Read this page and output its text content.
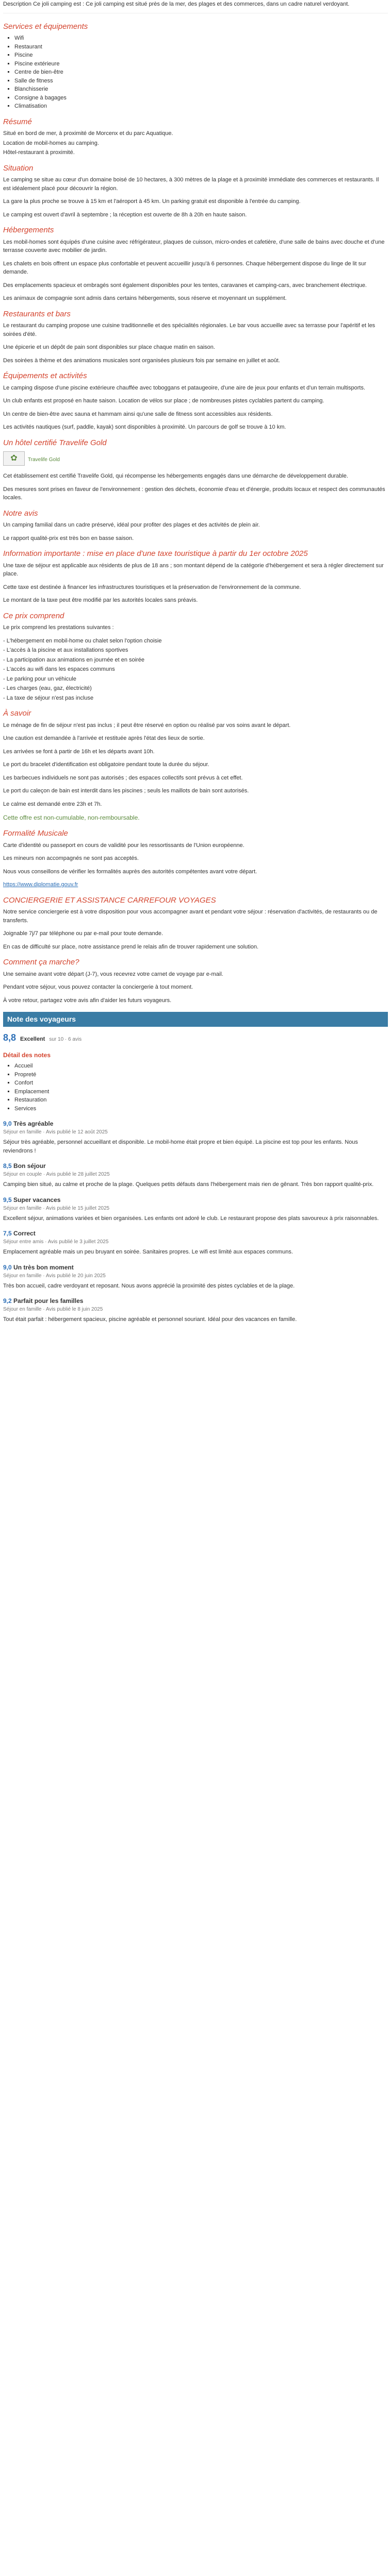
Description Ce joli camping est : Ce joli camping est situé près de la mer, des plages et des commerces, dans un cadre naturel verdoyant.

Services et équipements
▪ Wifi
▪ Restaurant
▪ Piscine
▪ Piscine extérieure
▪ Centre de bien-être
▪ Salle de fitness
▪ Blanchisserie
▪ Consigne à bagages
▪ Climatisation
Résumé
Situé en bord de mer, à proximité de Morcenx et du parc Aquatique.
Location de mobil-homes au camping.
Hôtel-restaurant à proximité.
Situation

Le camping se situe au cœur d'un domaine boisé de 10 hectares, à 300 mètres de la plage et à proximité immédiate des commerces et restaurants. Il est idéalement placé pour découvrir la région.

La gare la plus proche se trouve à 15 km et l'aéroport à 45 km. Un parking gratuit est disponible à l'entrée du camping.

Le camping est ouvert d'avril à septembre ; la réception est ouverte de 8h à 20h en haute saison.

Hébergements

Les mobil-homes sont équipés d'une cuisine avec réfrigérateur, plaques de cuisson, micro-ondes et cafetière, d'une salle de bains avec douche et d'une terrasse couverte avec mobilier de jardin.

Les chalets en bois offrent un espace plus confortable et peuvent accueillir jusqu'à 6 personnes. Chaque hébergement dispose du linge de lit sur demande.

Des emplacements spacieux et ombragés sont également disponibles pour les tentes, caravanes et camping-cars, avec branchement électrique.

Les animaux de compagnie sont admis dans certains hébergements, sous réserve et moyennant un supplément.

Restaurants et bars

Le restaurant du camping propose une cuisine traditionnelle et des spécialités régionales. Le bar vous accueille avec sa terrasse pour l'apéritif et les soirées d'été.

Une épicerie et un dépôt de pain sont disponibles sur place chaque matin en saison.

Des soirées à thème et des animations musicales sont organisées plusieurs fois par semaine en juillet et août.

Équipements et activités

Le camping dispose d'une piscine extérieure chauffée avec toboggans et pataugeoire, d'une aire de jeux pour enfants et d'un terrain multisports.

Un club enfants est proposé en haute saison. Location de vélos sur place ; de nombreuses pistes cyclables partent du camping.

Un centre de bien-être avec sauna et hammam ainsi qu'une salle de fitness sont accessibles aux résidents.

Les activités nautiques (surf, paddle, kayak) sont disponibles à proximité. Un parcours de golf se trouve à 10 km.

Un hôtel certifié Travelife Gold
✿	Travelife Gold

Cet établissement est certifié Travelife Gold, qui récompense les hébergements engagés dans une démarche de développement durable.

Des mesures sont prises en faveur de l'environnement : gestion des déchets, économie d'eau et d'énergie, produits locaux et respect des communautés locales.

Notre avis

Un camping familial dans un cadre préservé, idéal pour profiter des plages et des activités de plein air.

Le rapport qualité-prix est très bon en basse saison.

Information importante : mise en place d'une taxe touristique à partir du 1er octobre 2025

Une taxe de séjour est applicable aux résidents de plus de 18 ans ; son montant dépend de la catégorie d'hébergement et sera à régler directement sur place.

Cette taxe est destinée à financer les infrastructures touristiques et la préservation de l'environnement de la commune.

Le montant de la taxe peut être modifié par les autorités locales sans préavis.

Ce prix comprend

Le prix comprend les prestations suivantes :

- L'hébergement en mobil-home ou chalet selon l'option choisie
- L'accès à la piscine et aux installations sportives
- La participation aux animations en journée et en soirée
- L'accès au wifi dans les espaces communs
- Le parking pour un véhicule
- Les charges (eau, gaz, électricité)
- La taxe de séjour n'est pas incluse
À savoir

Le ménage de fin de séjour n'est pas inclus ; il peut être réservé en option ou réalisé par vos soins avant le départ.

Une caution est demandée à l'arrivée et restituée après l'état des lieux de sortie.

Les arrivées se font à partir de 16h et les départs avant 10h.

Le port du bracelet d'identification est obligatoire pendant toute la durée du séjour.

Les barbecues individuels ne sont pas autorisés ; des espaces collectifs sont prévus à cet effet.

Le port du caleçon de bain est interdit dans les piscines ; seuls les maillots de bain sont autorisés.

Le calme est demandé entre 23h et 7h.

Cette offre est non-cumulable, non-remboursable.

Formalité Musicale

Carte d'identité ou passeport en cours de validité pour les ressortissants de l'Union européenne.

Les mineurs non accompagnés ne sont pas acceptés.

Nous vous conseillons de vérifier les formalités auprès des autorités compétentes avant votre départ.

https://www.diplomatie.gouv.fr

CONCIERGERIE ET ASSISTANCE CARREFOUR VOYAGES

Notre service conciergerie est à votre disposition pour vous accompagner avant et pendant votre séjour : réservation d'activités, de restaurants ou de transferts.

Joignable 7j/7 par téléphone ou par e-mail pour toute demande.

En cas de difficulté sur place, notre assistance prend le relais afin de trouver rapidement une solution.

Comment ça marche?

Une semaine avant votre départ (J-7), vous recevrez votre carnet de voyage par e-mail.

Pendant votre séjour, vous pouvez contacter la conciergerie à tout moment.

À votre retour, partagez votre avis afin d'aider les futurs voyageurs.

Note des voyageurs
8,8 Excellent sur 10 · 6 avis
Détail des notes
▪ Accueil
▪ Propreté
▪ Confort
▪ Emplacement
▪ Restauration
▪ Services
9,0 Très agréable
Séjour en famille · Avis publié le 12 août 2025

Séjour très agréable, personnel accueillant et disponible. Le mobil-home était propre et bien équipé. La piscine est top pour les enfants. Nous reviendrons !

8,5 Bon séjour
Séjour en couple · Avis publié le 28 juillet 2025

Camping bien situé, au calme et proche de la plage. Quelques petits défauts dans l'hébergement mais rien de gênant. Très bon rapport qualité-prix.

9,5 Super vacances
Séjour en famille · Avis publié le 15 juillet 2025

Excellent séjour, animations variées et bien organisées. Les enfants ont adoré le club. Le restaurant propose des plats savoureux à prix raisonnables.

7,5 Correct
Séjour entre amis · Avis publié le 3 juillet 2025

Emplacement agréable mais un peu bruyant en soirée. Sanitaires propres. Le wifi est limité aux espaces communs.

9,0 Un très bon moment
Séjour en famille · Avis publié le 20 juin 2025

Très bon accueil, cadre verdoyant et reposant. Nous avons apprécié la proximité des pistes cyclables et de la plage.

9,2 Parfait pour les familles
Séjour en famille · Avis publié le 8 juin 2025

Tout était parfait : hébergement spacieux, piscine agréable et personnel souriant. Idéal pour des vacances en famille.
